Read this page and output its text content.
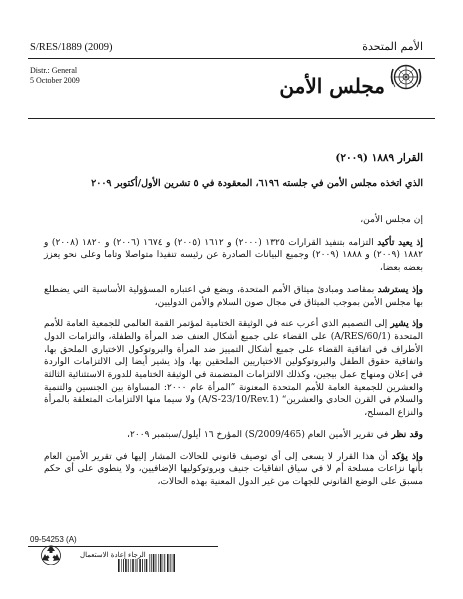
S/RES/1889 (2009)	الأمم المتحدة
Distr.: General
5 October 2009	مجلس الأمن
القرار ١٨٨٩ (٢٠٠٩)
الذي اتخذه مجلس الأمن في جلسته ٦١٩٦، المعقودة في ٥ تشرين الأول/أكتوبر ٢٠٠٩

إن مجلس الأمن،

إذ يعيد تأكيد التزامه بتنفيذ القرارات ١٣٢٥ (٢٠٠٠) و ١٦١٢ (٢٠٠٥) و ١٦٧٤ (٢٠٠٦) و ١٨٢٠ (٢٠٠٨) و ١٨٨٢ (٢٠٠٩) و ١٨٨٨ (٢٠٠٩) وجميع البيانات الصادرة عن رئيسه تنفيذا متواصلا وتاما وعلى نحو يعزز بعضه بعضا،

وإذ يسترشد بمقاصد ومبادئ ميثاق الأمم المتحدة، ويضع في اعتباره المسؤولية الأساسية التي يضطلع بها مجلس الأمن بموجب الميثاق في مجال صون السلام والأمن الدوليين،

وإذ يشير إلى التصميم الذي أعرب عنه في الوثيقة الختامية لمؤتمر القمة العالمي للجمعية العامة للأمم المتحدة (A/RES/60/1) على القضاء على جميع أشكال العنف ضد المرأة والطفلة، والتزامات الدول الأطراف في اتفاقية القضاء على جميع أشكال التمييز ضد المرأة والبروتوكول الاختياري الملحق بها، واتفاقية حقوق الطفل والبروتوكولين الاختياريين الملحقين بها، وإذ يشير أيضا إلى الالتزامات الواردة في إعلان ومنهاج عمل بيجين، وكذلك الالتزامات المتضمنة في الوثيقة الختامية للدورة الاستثنائية الثالثة والعشرين للجمعية العامة للأمم المتحدة المعنونة ”المرأة عام ٢٠٠٠: المساواة بين الجنسين والتنمية والسلام في القرن الحادي والعشرين“ (A/S-23/10/Rev.1) ولا سيما منها الالتزامات المتعلقة بالمرأة والنزاع المسلح،

وقد نظر في تقرير الأمين العام (S/2009/465) المؤرخ ١٦ أيلول/سبتمبر ٢٠٠٩،

وإذ يؤكد أن هذا القرار لا يسعى إلى أي توصيف قانوني للحالات المشار إليها في تقرير الأمين العام بأنها نزاعات مسلحة أم لا في سياق اتفاقيات جنيف وبروتوكوليها الإضافيين، ولا ينطوي على أي حكم مسبق على الوضع القانوني للجهات من غير الدول المعنية بهذه الحالات،

09-54253 (A)
الرجاء إعادة الاستعمال
